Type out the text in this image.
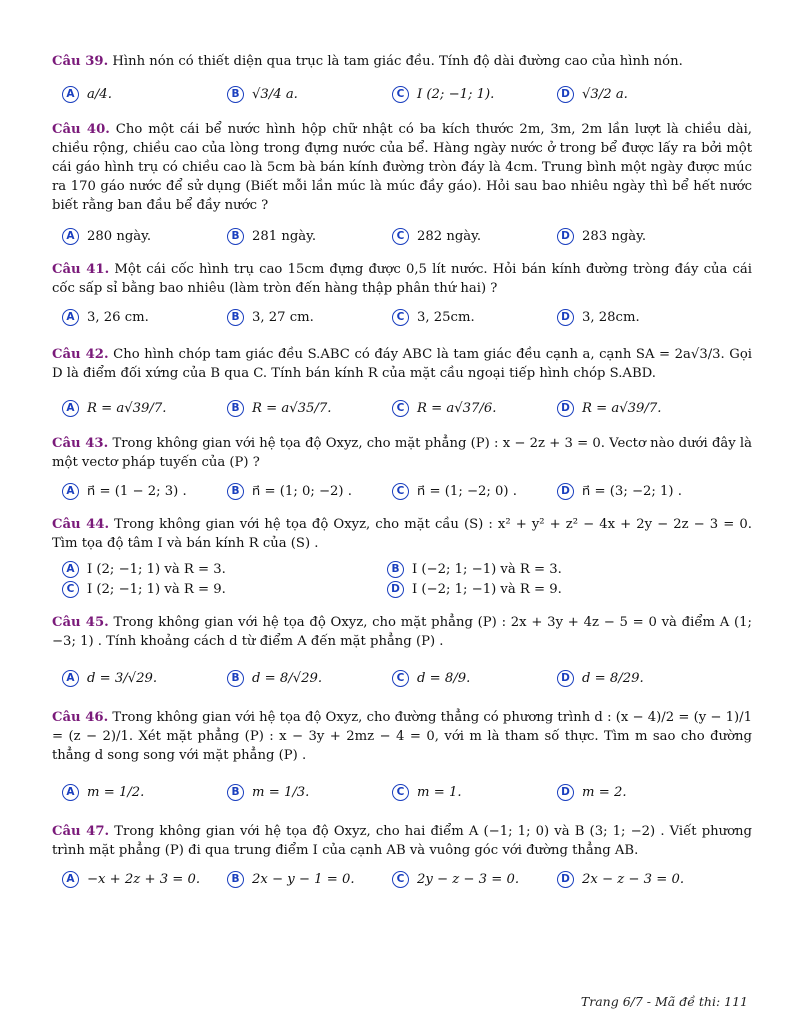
Câu 39. Hình nón có thiết diện qua trục là tam giác đều. Tính độ dài đường cao của hình nón.

A a/4.	B √3/4 a.	C I (2; −1; 1).	D √3/2 a.

Câu 40. Cho một cái bể nước hình hộp chữ nhật có ba kích thước 2m, 3m, 2m lần lượt là chiều dài, chiều rộng, chiều cao của lòng trong đựng nước của bể. Hàng ngày nước ở trong bể được lấy ra bởi một cái gáo hình trụ có chiều cao là 5cm bà bán kính đường tròn đáy là 4cm. Trung bình một ngày được múc ra 170 gáo nước để sử dụng (Biết mỗi lần múc là múc đầy gáo). Hỏi sau bao nhiêu ngày thì bể hết nước biết rằng ban đầu bể đầy nước ?

A 280 ngày.	B 281 ngày.	C 282 ngày.	D 283 ngày.

Câu 41. Một cái cốc hình trụ cao 15cm đựng được 0,5 lít nước. Hỏi bán kính đường tròng đáy của cái cốc sấp sỉ bằng bao nhiêu (làm tròn đến hàng thập phân thứ hai) ?

A 3, 26 cm.	B 3, 27 cm.	C 3, 25cm.	D 3, 28cm.

Câu 42. Cho hình chóp tam giác đều S.ABC có đáy ABC là tam giác đều cạnh a, cạnh SA = 2a√3/3. Gọi D là điểm đối xứng của B qua C. Tính bán kính R của mặt cầu ngoại tiếp hình chóp S.ABD.

A R = a√39/7.	B R = a√35/7.	C R = a√37/6.	D R = a√39/7.

Câu 43. Trong không gian với hệ tọa độ Oxyz, cho mặt phẳng (P) : x − 2z + 3 = 0. Vectơ nào dưới đây là một vectơ pháp tuyến của (P) ?

A n⃗ = (1 − 2; 3) .	B n⃗ = (1; 0; −2) .	C n⃗ = (1; −2; 0) .	D n⃗ = (3; −2; 1) .

Câu 44. Trong không gian với hệ tọa độ Oxyz, cho mặt cầu (S) : x² + y² + z² − 4x + 2y − 2z − 3 = 0. Tìm tọa độ tâm I và bán kính R của (S) .

A I (2; −1; 1) và R = 3.	B I (−2; 1; −1) và R = 3.
C I (2; −1; 1) và R = 9.	D I (−2; 1; −1) và R = 9.

Câu 45. Trong không gian với hệ tọa độ Oxyz, cho mặt phẳng (P) : 2x + 3y + 4z − 5 = 0 và điểm A (1; −3; 1) . Tính khoảng cách d từ điểm A đến mặt phẳng (P) .

A d = 3/√29.	B d = 8/√29.	C d = 8/9.	D d = 8/29.

Câu 46. Trong không gian với hệ tọa độ Oxyz, cho đường thẳng có phương trình d : (x − 4)/2 = (y − 1)/1 = (z − 2)/1. Xét mặt phẳng (P) : x − 3y + 2mz − 4 = 0, với m là tham số thực. Tìm m sao cho đường thẳng d song song với mặt phẳng (P) .

A m = 1/2.	B m = 1/3.	C m = 1.	D m = 2.

Câu 47. Trong không gian với hệ tọa độ Oxyz, cho hai điểm A (−1; 1; 0) và B (3; 1; −2) . Viết phương trình mặt phẳng (P) đi qua trung điểm I của cạnh AB và vuông góc với đường thẳng AB.

A −x + 2z + 3 = 0.	B 2x − y − 1 = 0.	C 2y − z − 3 = 0.	D 2x − z − 3 = 0.
Trang 6/7 - Mã đề thi: 111
